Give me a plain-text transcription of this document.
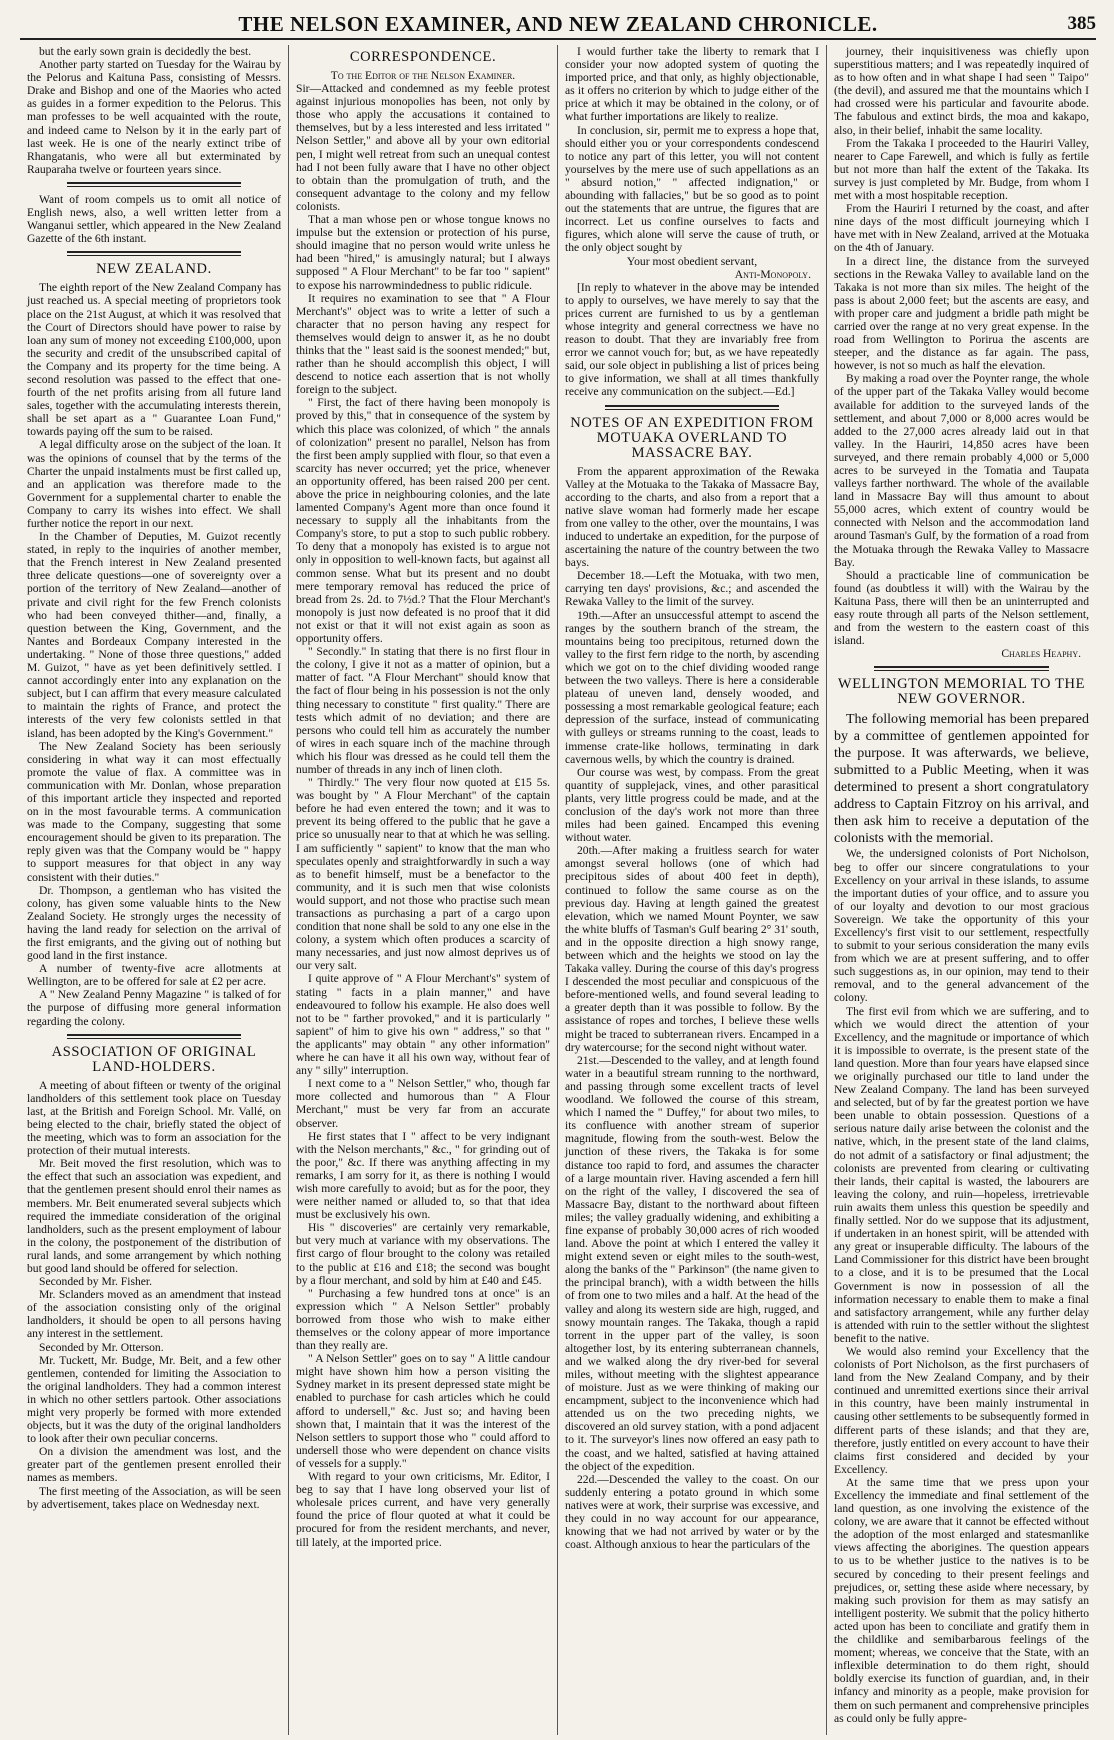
THE NELSON EXAMINER, AND NEW ZEALAND CHRONICLE.	385

but the early sown grain is decidedly the best.

Another party started on Tuesday for the Wairau by the Pelorus and Kaituna Pass, consisting of Messrs. Drake and Bishop and one of the Maories who acted as guides in a former expedition to the Pelorus. This man professes to be well acquainted with the route, and indeed came to Nelson by it in the early part of last week. He is one of the nearly extinct tribe of Rhangatanis, who were all but exterminated by Rauparaha twelve or fourteen years since.

Want of room compels us to omit all notice of English news, also, a well written letter from a Wanganui settler, which appeared in the New Zealand Gazette of the 6th instant.

NEW ZEALAND.

The eighth report of the New Zealand Company has just reached us. A special meeting of proprietors took place on the 21st August, at which it was resolved that the Court of Directors should have power to raise by loan any sum of money not exceeding £100,000, upon the security and credit of the unsubscribed capital of the Company and its property for the time being. A second resolution was passed to the effect that one-fourth of the net profits arising from all future land sales, together with the accumulating interests therein, shall be set apart as a " Guarantee Loan Fund," towards paying off the sum to be raised.

A legal difficulty arose on the subject of the loan. It was the opinions of counsel that by the terms of the Charter the unpaid instalments must be first called up, and an application was therefore made to the Government for a supplemental charter to enable the Company to carry its wishes into effect. We shall further notice the report in our next.

In the Chamber of Deputies, M. Guizot recently stated, in reply to the inquiries of another member, that the French interest in New Zealand presented three delicate questions—one of sovereignty over a portion of the territory of New Zealand—another of private and civil right for the few French colonists who had been conveyed thither—and, finally, a question between the King, Government, and the Nantes and Bordeaux Company interested in the undertaking. " None of those three questions," added M. Guizot, " have as yet been definitively settled. I cannot accordingly enter into any explanation on the subject, but I can affirm that every measure calculated to maintain the rights of France, and protect the interests of the very few colonists settled in that island, has been adopted by the King's Government."

The New Zealand Society has been seriously considering in what way it can most effectually promote the value of flax. A committee was in communication with Mr. Donlan, whose preparation of this important article they inspected and reported on in the most favourable terms. A communication was made to the Company, suggesting that some encouragement should be given to its preparation. The reply given was that the Company would be " happy to support measures for that object in any way consistent with their duties."

Dr. Thompson, a gentleman who has visited the colony, has given some valuable hints to the New Zealand Society. He strongly urges the necessity of having the land ready for selection on the arrival of the first emigrants, and the giving out of nothing but good land in the first instance.

A number of twenty-five acre allotments at Wellington, are to be offered for sale at £2 per acre.

A " New Zealand Penny Magazine " is talked of for the purpose of diffusing more general information regarding the colony.

ASSOCIATION OF ORIGINAL LAND-HOLDERS.

A meeting of about fifteen or twenty of the original landholders of this settlement took place on Tuesday last, at the British and Foreign School. Mr. Vallé, on being elected to the chair, briefly stated the object of the meeting, which was to form an association for the protection of their mutual interests.

Mr. Beit moved the first resolution, which was to the effect that such an association was expedient, and that the gentlemen present should enrol their names as members. Mr. Beit enumerated several subjects which required the immediate consideration of the original landholders, such as the present employment of labour in the colony, the postponement of the distribution of rural lands, and some arrangement by which nothing but good land should be offered for selection.

Seconded by Mr. Fisher.

Mr. Sclanders moved as an amendment that instead of the association consisting only of the original landholders, it should be open to all persons having any interest in the settlement.

Seconded by Mr. Otterson.

Mr. Tuckett, Mr. Budge, Mr. Beit, and a few other gentlemen, contended for limiting the Association to the original landholders. They had a common interest in which no other settlers partook. Other associations might very properly be formed with more extended objects, but it was the duty of the original landholders to look after their own peculiar concerns.

On a division the amendment was lost, and the greater part of the gentlemen present enrolled their names as members.

The first meeting of the Association, as will be seen by advertisement, takes place on Wednesday next.

CORRESPONDENCE.

To the Editor of the Nelson Examiner.

Sir—Attacked and condemned as my feeble protest against injurious monopolies has been, not only by those who apply the accusations it contained to themselves, but by a less interested and less irritated " Nelson Settler," and above all by your own editorial pen, I might well retreat from such an unequal contest had I not been fully aware that I have no other object to obtain than the promulgation of truth, and the consequent advantage to the colony and my fellow colonists.

That a man whose pen or whose tongue knows no impulse but the extension or protection of his purse, should imagine that no person would write unless he had been "hired," is amusingly natural; but I always supposed " A Flour Merchant" to be far too " sapient" to expose his narrowmindedness to public ridicule.

It requires no examination to see that " A Flour Merchant's" object was to write a letter of such a character that no person having any respect for themselves would deign to answer it, as he no doubt thinks that the " least said is the soonest mended;" but, rather than he should accomplish this object, I will descend to notice each assertion that is not wholly foreign to the subject.

" First, the fact of there having been monopoly is proved by this," that in consequence of the system by which this place was colonized, of which " the annals of colonization" present no parallel, Nelson has from the first been amply supplied with flour, so that even a scarcity has never occurred; yet the price, whenever an opportunity offered, has been raised 200 per cent. above the price in neighbouring colonies, and the late lamented Company's Agent more than once found it necessary to supply all the inhabitants from the Company's store, to put a stop to such public robbery. To deny that a monopoly has existed is to argue not only in opposition to well-known facts, but against all common sense. What but its present and no doubt mere temporary removal has reduced the price of bread from 2s. 2d. to 7½d.? That the Flour Merchant's monopoly is just now defeated is no proof that it did not exist or that it will not exist again as soon as opportunity offers.

" Secondly." In stating that there is no first flour in the colony, I give it not as a matter of opinion, but a matter of fact. "A Flour Merchant" should know that the fact of flour being in his possession is not the only thing necessary to constitute " first quality." There are tests which admit of no deviation; and there are persons who could tell him as accurately the number of wires in each square inch of the machine through which his flour was dressed as he could tell them the number of threads in any inch of linen cloth.

" Thirdly." The very flour now quoted at £15 5s. was bought by " A Flour Merchant" of the captain before he had even entered the town; and it was to prevent its being offered to the public that he gave a price so unusually near to that at which he was selling. I am sufficiently " sapient" to know that the man who speculates openly and straightforwardly in such a way as to benefit himself, must be a benefactor to the community, and it is such men that wise colonists would support, and not those who practise such mean transactions as purchasing a part of a cargo upon condition that none shall be sold to any one else in the colony, a system which often produces a scarcity of many necessaries, and just now almost deprives us of our very salt.

I quite approve of " A Flour Merchant's" system of stating " facts in a plain manner," and have endeavoured to follow his example. He also does well not to be " farther provoked," and it is particularly " sapient" of him to give his own " address," so that " the applicants" may obtain " any other information" where he can have it all his own way, without fear of any " silly" interruption.

I next come to a " Nelson Settler," who, though far more collected and humorous than " A Flour Merchant," must be very far from an accurate observer.

He first states that I " affect to be very indignant with the Nelson merchants," &c., " for grinding out of the poor," &c. If there was anything affecting in my remarks, I am sorry for it, as there is nothing I would wish more carefully to avoid; but as for the poor, they were neither named or alluded to, so that that idea must be exclusively his own.

His " discoveries" are certainly very remarkable, but very much at variance with my observations. The first cargo of flour brought to the colony was retailed to the public at £16 and £18; the second was bought by a flour merchant, and sold by him at £40 and £45.

" Purchasing a few hundred tons at once" is an expression which " A Nelson Settler" probably borrowed from those who wish to make either themselves or the colony appear of more importance than they really are.

" A Nelson Settler" goes on to say " A little candour might have shown him how a person visiting the Sydney market in its present depressed state might be enabled to purchase for cash articles which he could afford to undersell," &c. Just so; and having been shown that, I maintain that it was the interest of the Nelson settlers to support those who " could afford to undersell those who were dependent on chance visits of vessels for a supply."

With regard to your own criticisms, Mr. Editor, I beg to say that I have long observed your list of wholesale prices current, and have very generally found the price of flour quoted at what it could be procured for from the resident merchants, and never, till lately, at the imported price.

I would further take the liberty to remark that I consider your now adopted system of quoting the imported price, and that only, as highly objectionable, as it offers no criterion by which to judge either of the price at which it may be obtained in the colony, or of what further importations are likely to realize.

In conclusion, sir, permit me to express a hope that, should either you or your correspondents condescend to notice any part of this letter, you will not content yourselves by the mere use of such appellations as an " absurd notion," " affected indignation," or abounding with fallacies," but be so good as to point out the statements that are untrue, the figures that are incorrect. Let us confine ourselves to facts and figures, which alone will serve the cause of truth, or the only object sought by

Your most obedient servant,

Anti-Monopoly.

[In reply to whatever in the above may be intended to apply to ourselves, we have merely to say that the prices current are furnished to us by a gentleman whose integrity and general correctness we have no reason to doubt. That they are invariably free from error we cannot vouch for; but, as we have repeatedly said, our sole object in publishing a list of prices being to give information, we shall at all times thankfully receive any communication on the subject.—Ed.]

NOTES OF AN EXPEDITION FROM MOTUAKA OVERLAND TO MASSACRE BAY.

From the apparent approximation of the Rewaka Valley at the Motuaka to the Takaka of Massacre Bay, according to the charts, and also from a report that a native slave woman had formerly made her escape from one valley to the other, over the mountains, I was induced to undertake an expedition, for the purpose of ascertaining the nature of the country between the two bays.

December 18.—Left the Motuaka, with two men, carrying ten days' provisions, &c.; and ascended the Rewaka Valley to the limit of the survey.

19th.—After an unsuccessful attempt to ascend the ranges by the southern branch of the stream, the mountains being too precipitous, returned down the valley to the first fern ridge to the north, by ascending which we got on to the chief dividing wooded range between the two valleys. There is here a considerable plateau of uneven land, densely wooded, and possessing a most remarkable geological feature; each depression of the surface, instead of communicating with gulleys or streams running to the coast, leads to immense crate-like hollows, terminating in dark cavernous wells, by which the country is drained.

Our course was west, by compass. From the great quantity of supplejack, vines, and other parasitical plants, very little progress could be made, and at the conclusion of the day's work not more than three miles had been gained. Encamped this evening without water.

20th.—After making a fruitless search for water amongst several hollows (one of which had precipitous sides of about 400 feet in depth), continued to follow the same course as on the previous day. Having at length gained the greatest elevation, which we named Mount Poynter, we saw the white bluffs of Tasman's Gulf bearing 2° 31' south, and in the opposite direction a high snowy range, between which and the heights we stood on lay the Takaka valley. During the course of this day's progress I descended the most peculiar and conspicuous of the before-mentioned wells, and found several leading to a greater depth than it was possible to follow. By the assistance of ropes and torches, I believe these wells might be traced to subterranean rivers. Encamped in a dry watercourse; for the second night without water.

21st.—Descended to the valley, and at length found water in a beautiful stream running to the northward, and passing through some excellent tracts of level woodland. We followed the course of this stream, which I named the " Duffey," for about two miles, to its confluence with another stream of superior magnitude, flowing from the south-west. Below the junction of these rivers, the Takaka is for some distance too rapid to ford, and assumes the character of a large mountain river. Having ascended a fern hill on the right of the valley, I discovered the sea of Massacre Bay, distant to the northward about fifteen miles; the valley gradually widening, and exhibiting a fine expanse of probably 30,000 acres of rich wooded land. Above the point at which I entered the valley it might extend seven or eight miles to the south-west, along the banks of the " Parkinson" (the name given to the principal branch), with a width between the hills of from one to two miles and a half. At the head of the valley and along its western side are high, rugged, and snowy mountain ranges. The Takaka, though a rapid torrent in the upper part of the valley, is soon altogether lost, by its entering subterranean channels, and we walked along the dry river-bed for several miles, without meeting with the slightest appearance of moisture. Just as we were thinking of making our encampment, subject to the inconvenience which had attended us on the two preceding nights, we discovered an old survey station, with a pond adjacent to it. The surveyor's lines now offered an easy path to the coast, and we halted, satisfied at having attained the object of the expedition.

22d.—Descended the valley to the coast. On our suddenly entering a potato ground in which some natives were at work, their surprise was excessive, and they could in no way account for our appearance, knowing that we had not arrived by water or by the coast. Although anxious to hear the particulars of the

journey, their inquisitiveness was chiefly upon superstitious matters; and I was repeatedly inquired of as to how often and in what shape I had seen " Taipo" (the devil), and assured me that the mountains which I had crossed were his particular and favourite abode. The fabulous and extinct birds, the moa and kakapo, also, in their belief, inhabit the same locality.

From the Takaka I proceeded to the Hauriri Valley, nearer to Cape Farewell, and which is fully as fertile but not more than half the extent of the Takaka. Its survey is just completed by Mr. Budge, from whom I met with a most hospitable reception.

From the Hauriri I returned by the coast, and after nine days of the most difficult journeying which I have met with in New Zealand, arrived at the Motuaka on the 4th of January.

In a direct line, the distance from the surveyed sections in the Rewaka Valley to available land on the Takaka is not more than six miles. The height of the pass is about 2,000 feet; but the ascents are easy, and with proper care and judgment a bridle path might be carried over the range at no very great expense. In the road from Wellington to Porirua the ascents are steeper, and the distance as far again. The pass, however, is not so much as half the elevation.

By making a road over the Poynter range, the whole of the upper part of the Takaka Valley would become available for addition to the surveyed lands of the settlement, and about 7,000 or 8,000 acres would be added to the 27,000 acres already laid out in that valley. In the Hauriri, 14,850 acres have been surveyed, and there remain probably 4,000 or 5,000 acres to be surveyed in the Tomatia and Taupata valleys farther northward. The whole of the available land in Massacre Bay will thus amount to about 55,000 acres, which extent of country would be connected with Nelson and the accommodation land around Tasman's Gulf, by the formation of a road from the Motuaka through the Rewaka Valley to Massacre Bay.

Should a practicable line of communication be found (as doubtless it will) with the Wairau by the Kaituna Pass, there will then be an uninterrupted and easy route through all parts of the Nelson settlement, and from the western to the eastern coast of this island.

Charles Heaphy.

WELLINGTON MEMORIAL TO THE NEW GOVERNOR.

The following memorial has been prepared by a committee of gentlemen appointed for the purpose. It was afterwards, we believe, submitted to a Public Meeting, when it was determined to present a short congratulatory address to Captain Fitzroy on his arrival, and then ask him to receive a deputation of the colonists with the memorial.

We, the undersigned colonists of Port Nicholson, beg to offer our sincere congratulations to your Excellency on your arrival in these islands, to assume the important duties of your office, and to assure you of our loyalty and devotion to our most gracious Sovereign. We take the opportunity of this your Excellency's first visit to our settlement, respectfully to submit to your serious consideration the many evils from which we are at present suffering, and to offer such suggestions as, in our opinion, may tend to their removal, and to the general advancement of the colony.

The first evil from which we are suffering, and to which we would direct the attention of your Excellency, and the magnitude or importance of which it is impossible to overrate, is the present state of the land question. More than four years have elapsed since we originally purchased our title to land under the New Zealand Company. The land has been surveyed and selected, but of by far the greatest portion we have been unable to obtain possession. Questions of a serious nature daily arise between the colonist and the native, which, in the present state of the land claims, do not admit of a satisfactory or final adjustment; the colonists are prevented from clearing or cultivating their lands, their capital is wasted, the labourers are leaving the colony, and ruin—hopeless, irretrievable ruin awaits them unless this question be speedily and finally settled. Nor do we suppose that its adjustment, if undertaken in an honest spirit, will be attended with any great or insuperable difficulty. The labours of the Land Commissioner for this district have been brought to a close, and it is to be presumed that the Local Government is now in possession of all the information necessary to enable them to make a final and satisfactory arrangement, while any further delay is attended with ruin to the settler without the slightest benefit to the native.

We would also remind your Excellency that the colonists of Port Nicholson, as the first purchasers of land from the New Zealand Company, and by their continued and unremitted exertions since their arrival in this country, have been mainly instrumental in causing other settlements to be subsequently formed in different parts of these islands; and that they are, therefore, justly entitled on every account to have their claims first considered and decided by your Excellency.

At the same time that we press upon your Excellency the immediate and final settlement of the land question, as one involving the existence of the colony, we are aware that it cannot be effected without the adoption of the most enlarged and statesmanlike views affecting the aborigines. The question appears to us to be whether justice to the natives is to be secured by conceding to their present feelings and prejudices, or, setting these aside where necessary, by making such provision for them as may satisfy an intelligent posterity. We submit that the policy hitherto acted upon has been to conciliate and gratify them in the childlike and semibarbarous feelings of the moment; whereas, we conceive that the State, with an inflexible determination to do them right, should boldly exercise its function of guardian, and, in their infancy and minority as a people, make provision for them on such permanent and comprehensive principles as could only be fully appre-
